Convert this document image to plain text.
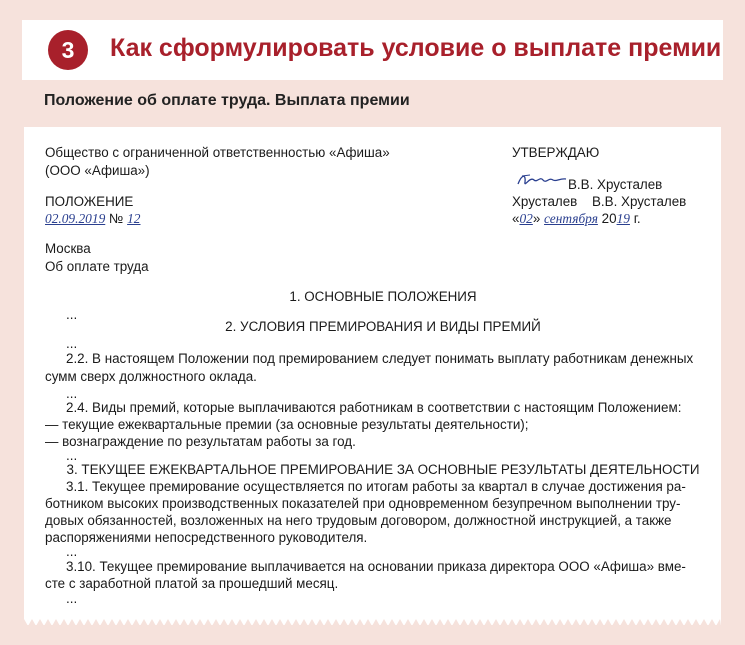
3	Как сформулировать условие о выплате премии
Положение об оплате труда. Выплата премии
Общество с ограниченной ответственностью «Афиша»
(ООО «Афиша»)
УТВЕРЖДАЮ
В.В. Хрусталев
Хрусталев В.В. Хрусталев
«02» сентября 2019 г.
ПОЛОЖЕНИЕ
02.09.2019 № 12
Москва
Об оплате труда
1. ОСНОВНЫЕ ПОЛОЖЕНИЯ
...
2. УСЛОВИЯ ПРЕМИРОВАНИЯ И ВИДЫ ПРЕМИЙ
...
2.2. В настоящем Положении под премированием следует понимать выплату работникам денежных
сумм сверх должностного оклада.
...
2.4. Виды премий, которые выплачиваются работникам в соответствии с настоящим Положением:
— текущие ежеквартальные премии (за основные результаты деятельности);
— вознаграждение по результатам работы за год.
...
3. ТЕКУЩЕЕ ЕЖЕКВАРТАЛЬНОЕ ПРЕМИРОВАНИЕ ЗА ОСНОВНЫЕ РЕЗУЛЬТАТЫ ДЕЯТЕЛЬНОСТИ
3.1. Текущее премирование осуществляется по итогам работы за квартал в случае достижения ра-
ботником высоких производственных показателей при одновременном безупречном выполнении тру-
довых обязанностей, возложенных на него трудовым договором, должностной инструкцией, а также
распоряжениями непосредственного руководителя.
...
3.10. Текущее премирование выплачивается на основании приказа директора ООО «Афиша» вме-
сте с заработной платой за прошедший месяц.
...
